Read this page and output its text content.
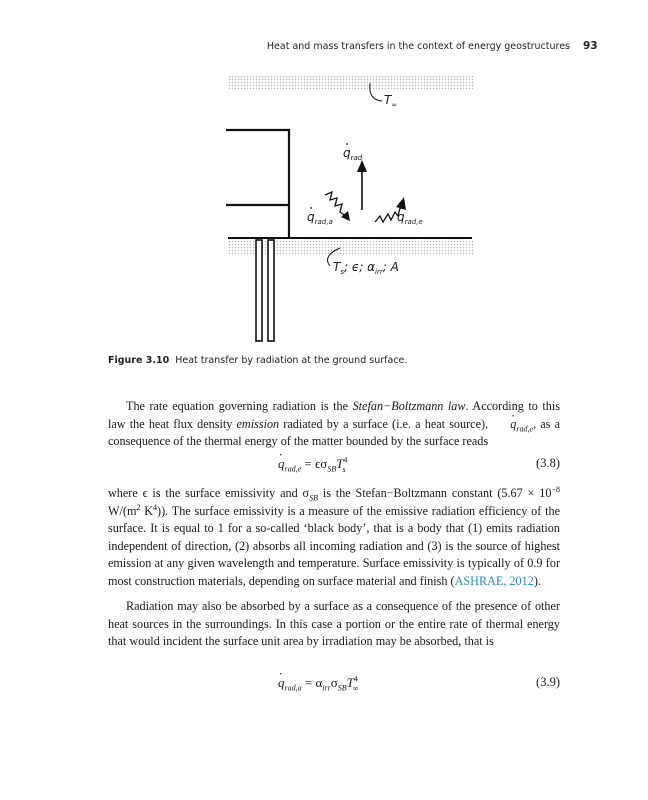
Heat and mass transfers in the context of energy geostructures 93
$T_\infty$
$q_{rad}$
$q_{rad,a}$	$q_{rad,e}$
$T_s$; ϵ; $\alpha_{irr}$; A
Figure 3.10 Heat transfer by radiation at the ground surface.
The rate equation governing radiation is the Stefan−Boltzmann law. According to this law the heat flux density emission radiated by a surface (i.e. a heat source), · $q_{rad,e}$, as a consequence of the thermal energy of the matter bounded by the surface reads
· $q_{rad,e} = \epsilon\sigma_{SB}T^4_s$	(3.8)
where ϵ is the surface emissivity and $\sigma_{SB}$ is the Stefan−Boltzmann constant ($5.67 \times 10^{-8}$ $W/(m^2$ $K^4$)). The surface emissivity is a measure of the emissive radiation efficiency of the surface. It is equal to 1 for a so-called ‘black body’, that is a body that (1) emits radiation independent of direction, (2) absorbs all incoming radiation and (3) is the source of highest emission at any given wavelength and temperature. Surface emissivity is typically of 0.9 for most construction materials, depending on surface material and finish (ASHRAE, 2012).
Radiation may also be absorbed by a surface as a consequence of the presence of other heat sources in the surroundings. In this case a portion or the entire rate of thermal energy that would incident the surface unit area by irradiation may be absorbed, that is
· $q_{rad,a} = \alpha_{irr}\sigma_{SB}T^4_\infty$	(3.9)
